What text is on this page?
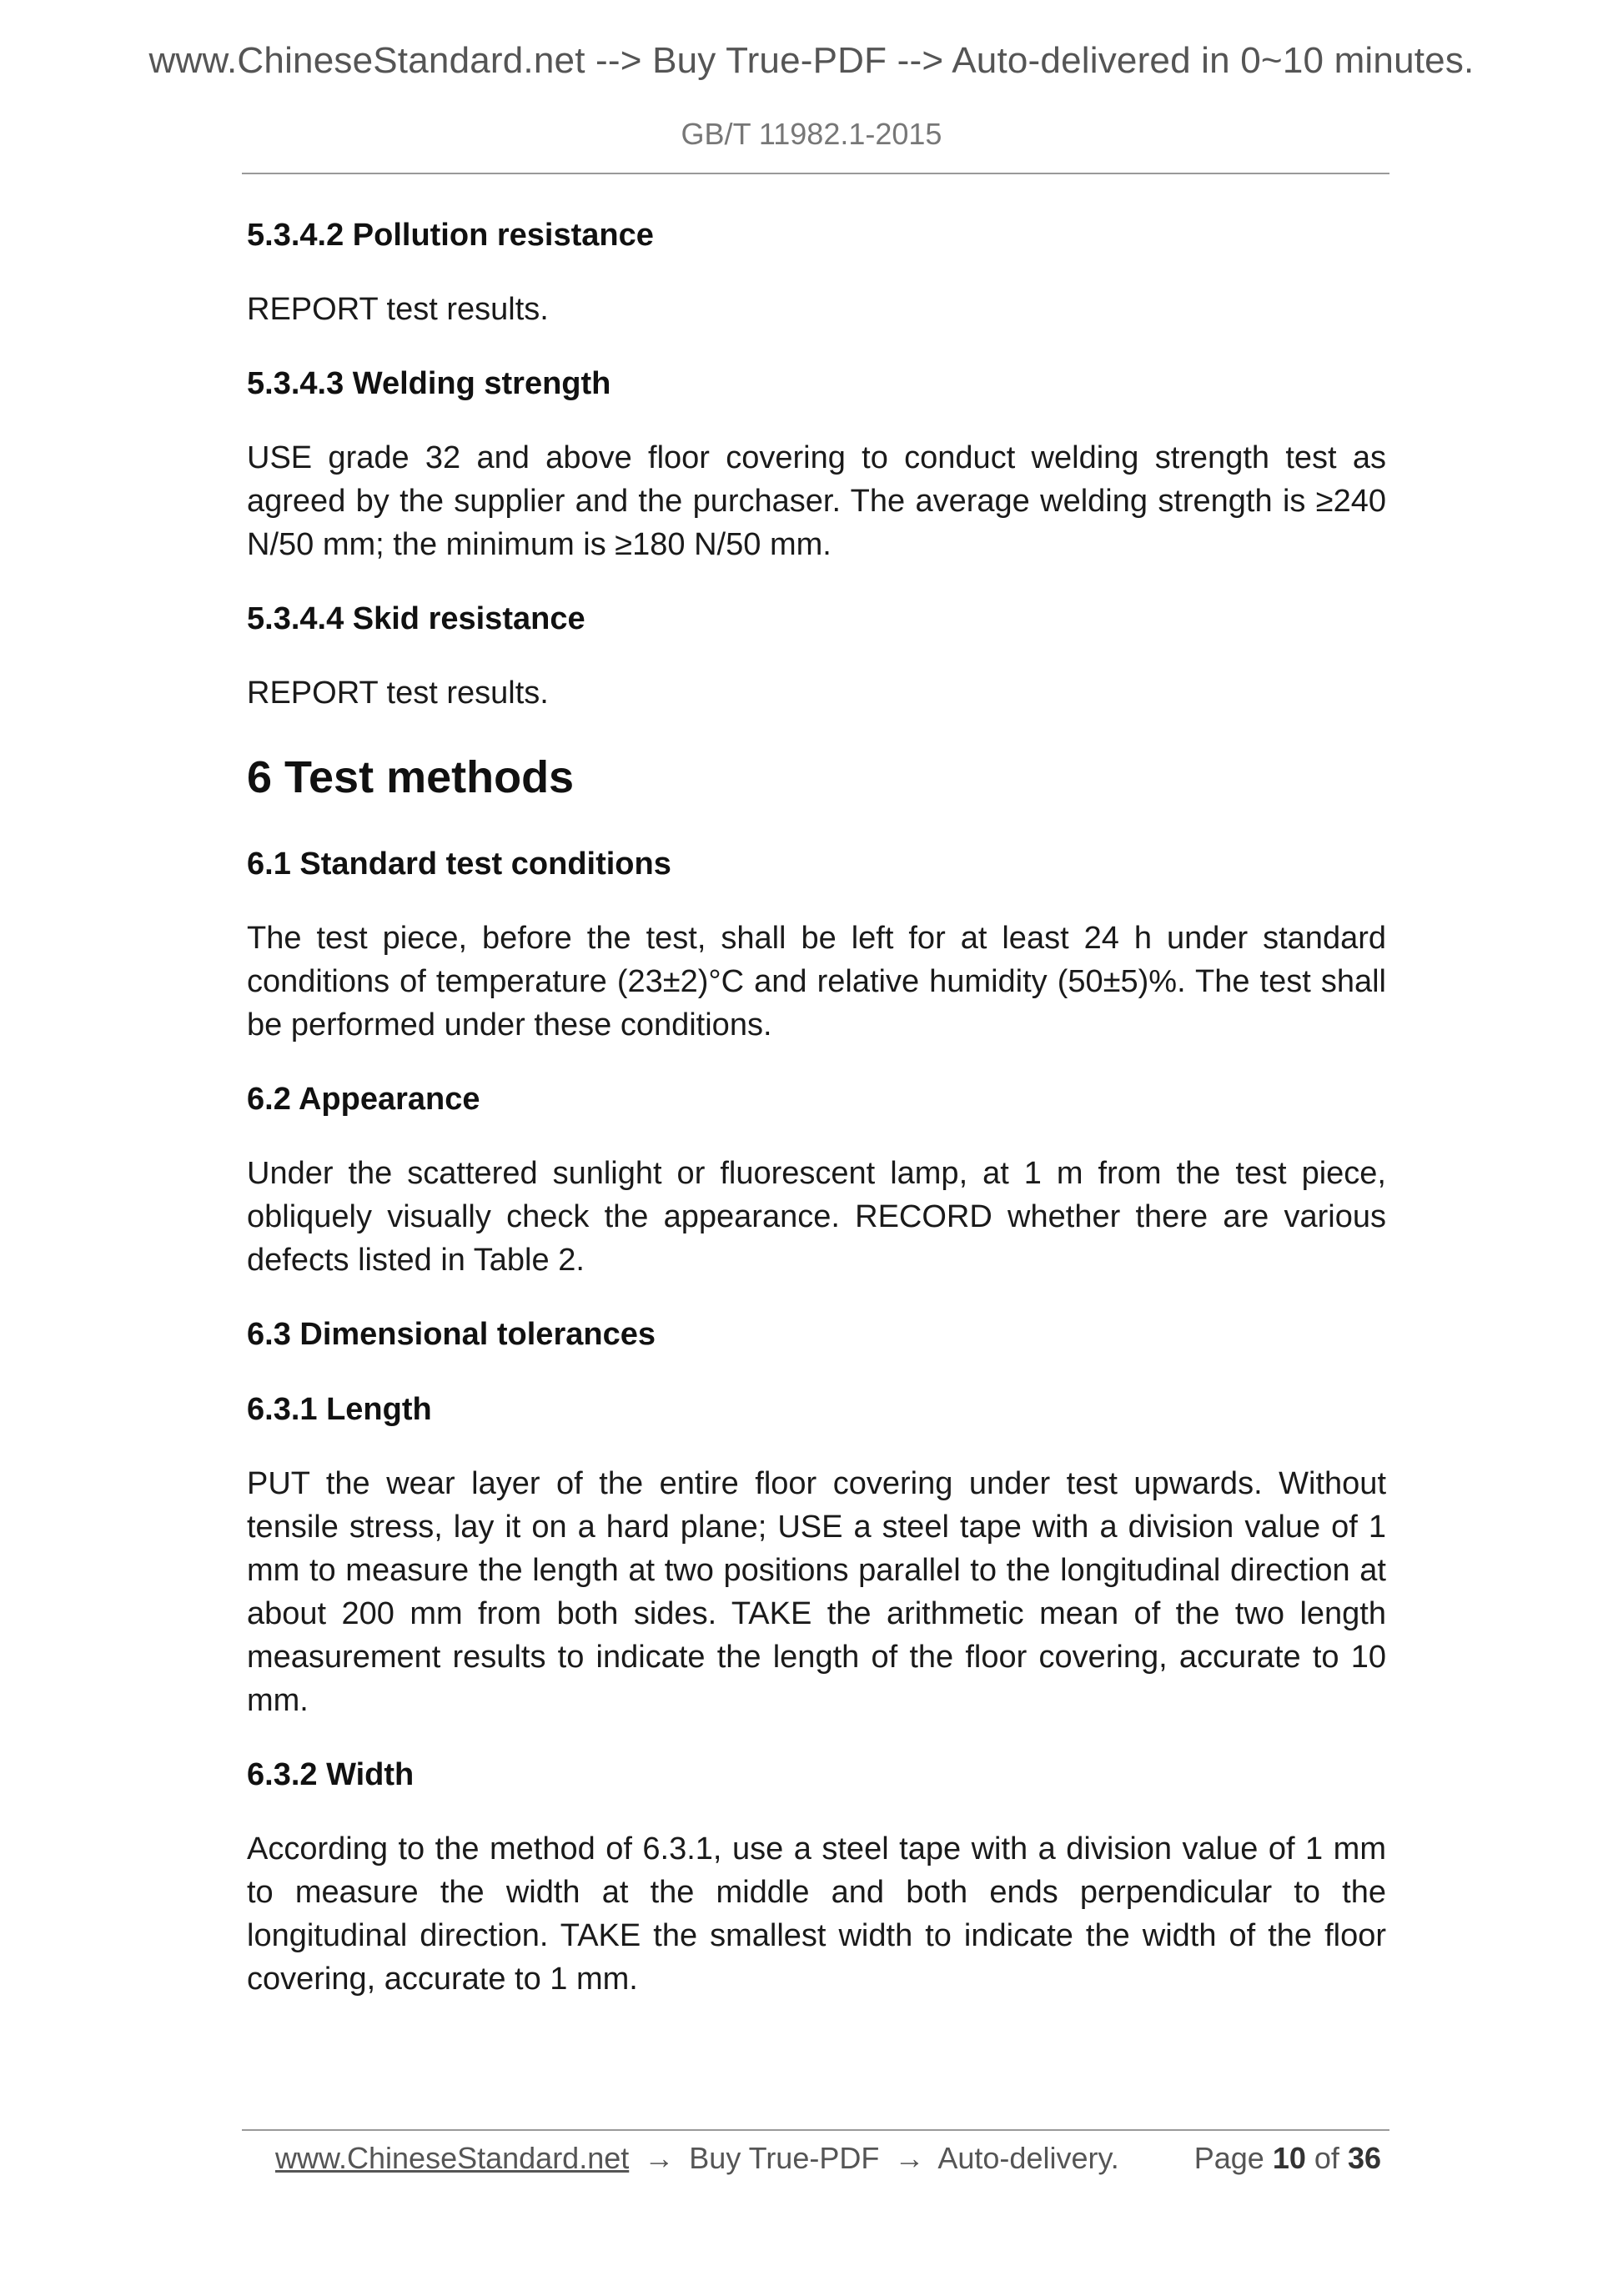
www.ChineseStandard.net --> Buy True-PDF --> Auto-delivered in 0~10 minutes.
GB/T 11982.1-2015
5.3.4.2 Pollution resistance
REPORT test results.
5.3.4.3 Welding strength
USE grade 32 and above floor covering to conduct welding strength test as agreed by the supplier and the purchaser. The average welding strength is ≥240 N/50 mm; the minimum is ≥180 N/50 mm.
5.3.4.4 Skid resistance
REPORT test results.
6 Test methods
6.1 Standard test conditions
The test piece, before the test, shall be left for at least 24 h under standard conditions of temperature (23±2)°C and relative humidity (50±5)%. The test shall be performed under these conditions.
6.2 Appearance
Under the scattered sunlight or fluorescent lamp, at 1 m from the test piece, obliquely visually check the appearance. RECORD whether there are various defects listed in Table 2.
6.3 Dimensional tolerances
6.3.1 Length
PUT the wear layer of the entire floor covering under test upwards. Without tensile stress, lay it on a hard plane; USE a steel tape with a division value of 1 mm to measure the length at two positions parallel to the longitudinal direction at about 200 mm from both sides. TAKE the arithmetic mean of the two length measurement results to indicate the length of the floor covering, accurate to 10 mm.
6.3.2 Width
According to the method of 6.3.1, use a steel tape with a division value of 1 mm to measure the width at the middle and both ends perpendicular to the longitudinal direction. TAKE the smallest width to indicate the width of the floor covering, accurate to 1 mm.
www.ChineseStandard.net → Buy True-PDF → Auto-delivery. Page 10 of 36
